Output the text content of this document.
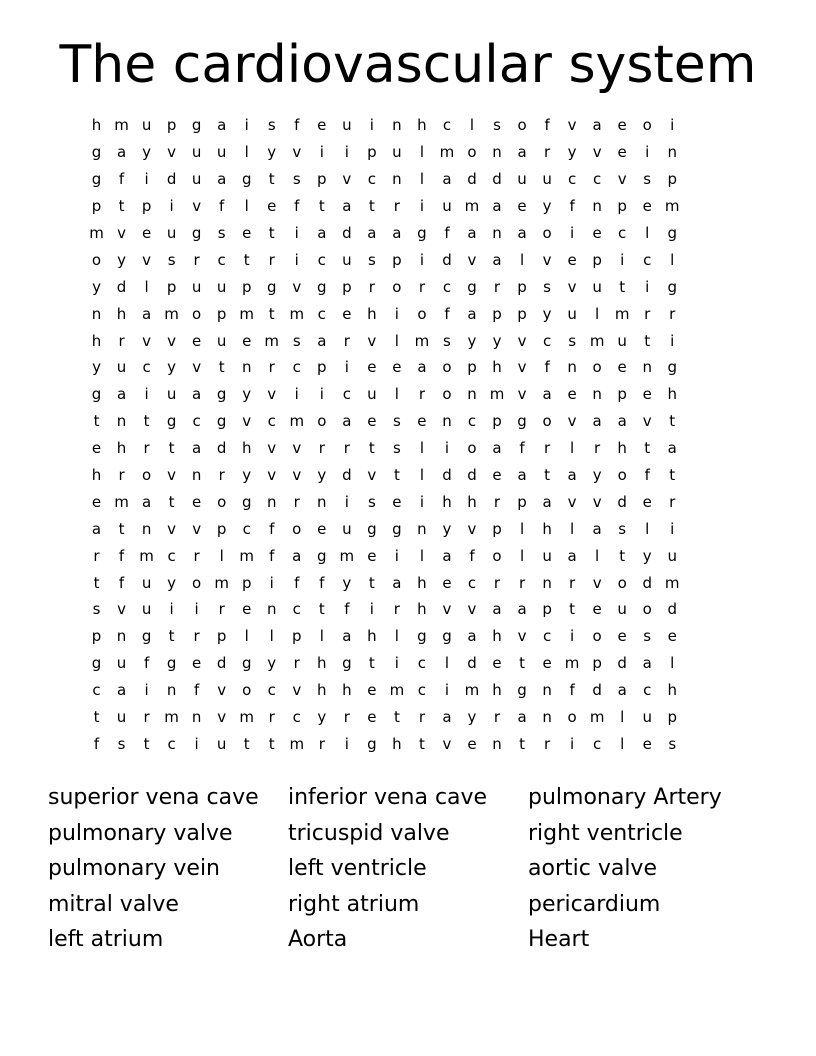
The cardiovascular system
h m u	p	g	a	i	s	f	e	u	i	n	h	c	l	s	o	f	v	a	e	o	i
g	a	y	v	u	u	l	y	v	i	i	p	u	l	m o	n	a	r	y	v	e	i	n
g	f	i	d	u	a	g	t	s	p	v	c	n	l	a	d	d	u	u	c	c	v	s	p
p	t	p	i	v	f	l	e	f	t	a	t	r	i	u m a	e	y	f	n	p	e m
m v	e	u	g	s	e	t	i	a	d	a	a	g	f	a	n	a	o	i	e	c	l	g
o	y	v	s	r	c	t	r	i	c	u	s	p	i	d	v	a	l	v	e	p	i	c	l
y	d	l	p	u	u	p	g	v	g	p	r	o	r	c	g	r	p	s	v	u	t	i	g
n	h	a m o	p m t m c	e	h	i	o	f	a	p	p	y	u	l	m r	r
h	r	v	v	e	u	e m s	a	r	v	l	m s	y	y	v	c	s m u	t	i
y	u	c	y	v	t	n	r	c	p	i	e	e	a	o	p	h	v	f	n	o	e	n	g
g	a	i	u	a	g	y	v	i	i	c	u	l	r	o	n m v	a	e	n	p	e	h
t	n	t	g	c	g	v	c m o	a	e	s	e	n	c	p	g	o	v	a	a	v	t
e	h	r	t	a	d	h	v	v	r	r	t	s	l	i	o	a	f	r	l	r	h	t	a
h	r	o	v	n	r	y	v	v	y	d	v	t	l	d	d	e	a	t	a	y	o	f	t
e m a	t	e	o	g	n	r	n	i	s	e	i	h	h	r	p	a	v	v	d	e	r
a	t	n	v	v	p	c	f	o	e	u	g	g	n	y	v	p	l	h	l	a	s	l	i
r	f	m c	r	l	m	f	a	g m e	i	l	a	f	o	l	u	a	l	t	y	u
t	f	u	y	o m p	i	f	f	y	t	a	h	e	c	r	r	n	r	v	o	d m
s	v	u	i	i	r	e	n	c	t	f	i	r	h	v	v	a	a	p	t	e	u	o	d
p	n	g	t	r	p	l	l	p	l	a	h	l	g	g	a	h	v	c	i	o	e	s	e
g	u	f	g	e	d	g	y	r	h	g	t	i	c	l	d	e	t	e m p	d	a	l
c	a	i	n	f	v	o	c	v	h	h	e m c	i	m h	g	n	f	d	a	c	h
t	u	r m n	v m r	c	y	r	e	t	r	a	y	r	a	n	o m	l	u	p
f	s	t	c	i	u	t	t m r	i	g	h	t	v	e	n	t	r	i	c	l	e	s
superior vena cave	inferior vena cave	pulmonary Artery
pulmonary valve	tricuspid valve	right ventricle
pulmonary vein	left ventricle	aortic valve
mitral valve	right atrium	pericardium
left atrium	Aorta	Heart
